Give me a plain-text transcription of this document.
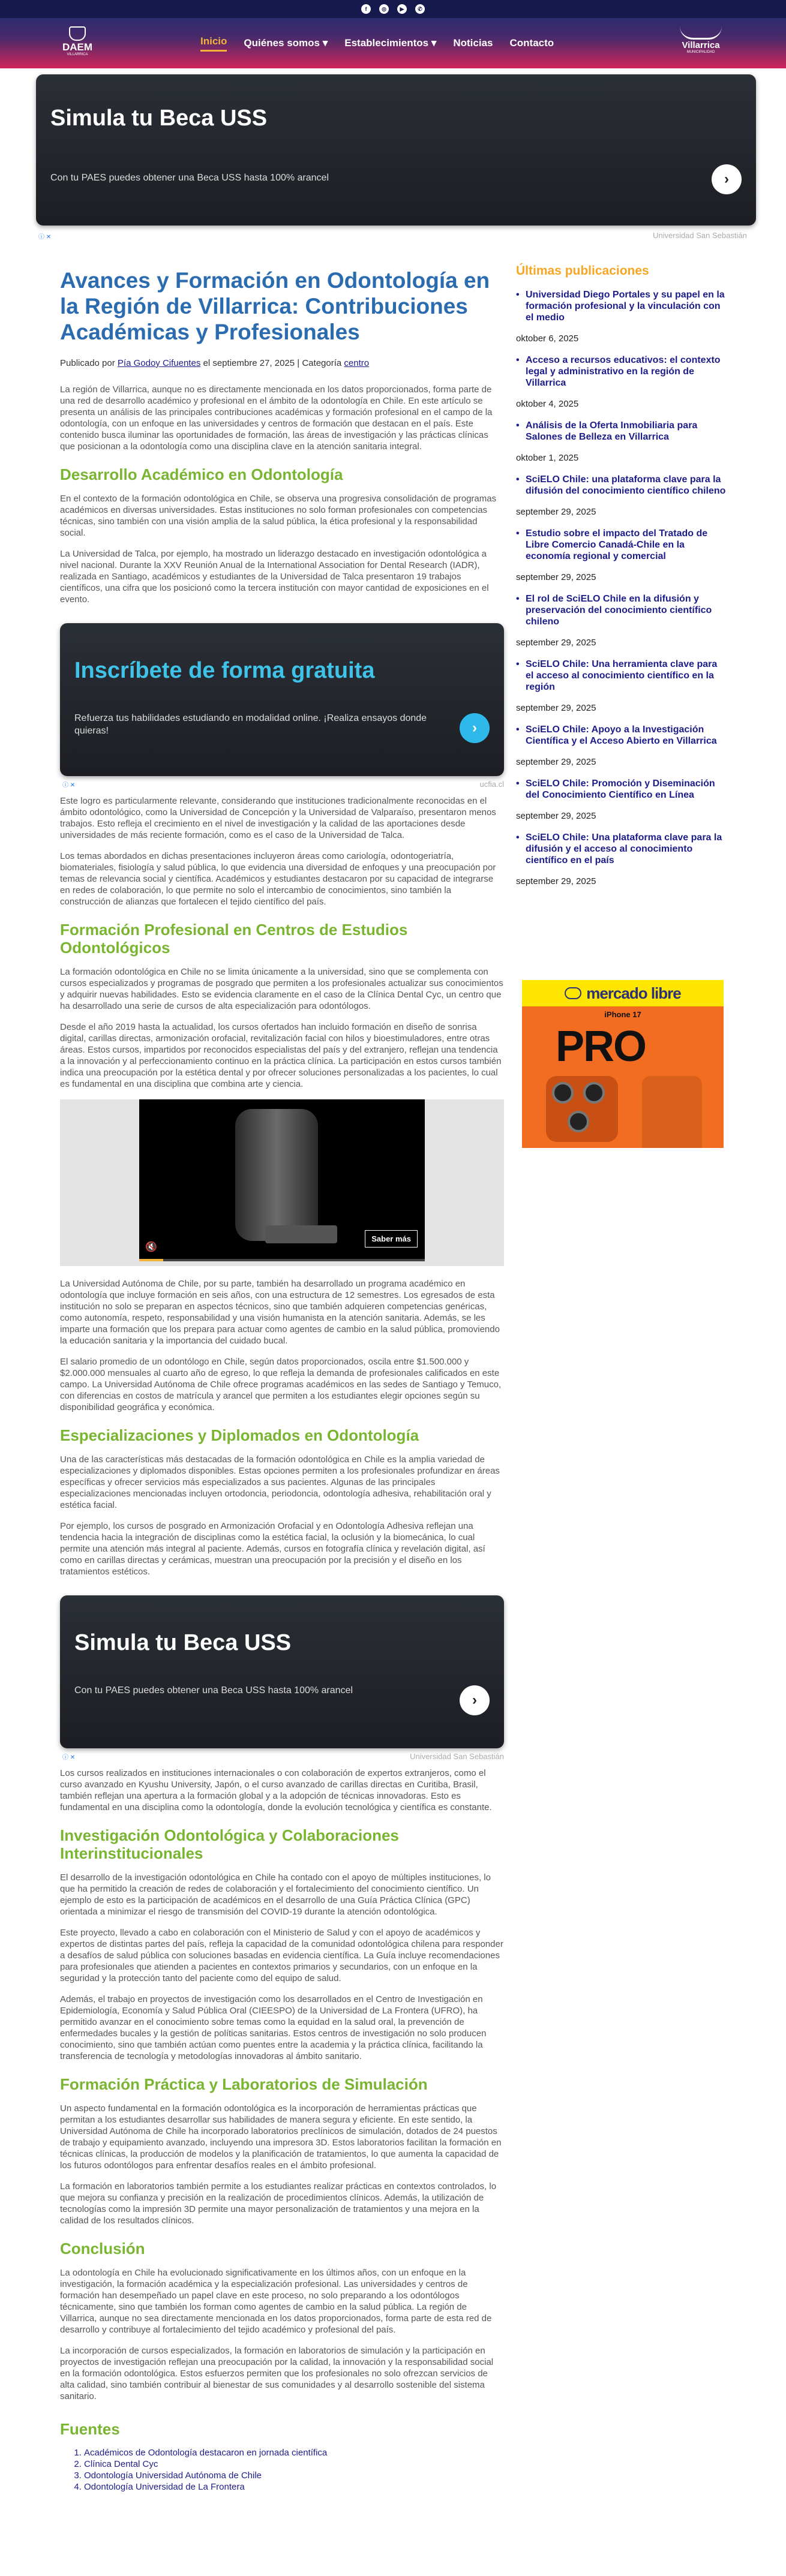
f	◎	▶	✆
DAEM
VILLARRICA
Inicio Quiénes somos ▾ Establecimientos ▾ Noticias Contacto	Villarrica
MUNICIPALIDAD
Simula tu Beca USS
Con tu PAES puedes obtener una Beca USS hasta 100% arancel	›
ⓘ ✕	Universidad San Sebastián
Avances y Formación en Odontología en la Región de Villarrica: Contribuciones Académicas y Profesionales
Publicado por Pía Godoy Cifuentes el septiembre 27, 2025 | Categoría centro

La región de Villarrica, aunque no es directamente mencionada en los datos proporcionados, forma parte de una red de desarrollo académico y profesional en el ámbito de la odontología en Chile. En este artículo se presenta un análisis de las principales contribuciones académicas y formación profesional en el campo de la odontología, con un enfoque en las universidades y centros de formación que destacan en el país. Este contenido busca iluminar las oportunidades de formación, las áreas de investigación y las prácticas clínicas que posicionan a la odontología como una disciplina clave en la atención sanitaria integral.

Desarrollo Académico en Odontología

En el contexto de la formación odontológica en Chile, se observa una progresiva consolidación de programas académicos en diversas universidades. Estas instituciones no solo forman profesionales con competencias técnicas, sino también con una visión amplia de la salud pública, la ética profesional y la responsabilidad social.

La Universidad de Talca, por ejemplo, ha mostrado un liderazgo destacado en investigación odontológica a nivel nacional. Durante la XXV Reunión Anual de la International Association for Dental Research (IADR), realizada en Santiago, académicos y estudiantes de la Universidad de Talca presentaron 19 trabajos científicos, una cifra que los posicionó como la tercera institución con mayor cantidad de exposiciones en el evento.

Inscríbete de forma gratuita
Refuerza tus habilidades estudiando en modalidad online. ¡Realiza ensayos donde quieras!	›
ⓘ ✕	ucfia.cl

Este logro es particularmente relevante, considerando que instituciones tradicionalmente reconocidas en el ámbito odontológico, como la Universidad de Concepción y la Universidad de Valparaíso, presentaron menos trabajos. Esto refleja el crecimiento en el nivel de investigación y la calidad de las aportaciones desde universidades de más reciente formación, como es el caso de la Universidad de Talca.

Los temas abordados en dichas presentaciones incluyeron áreas como cariología, odontogeriatría, biomateriales, fisiología y salud pública, lo que evidencia una diversidad de enfoques y una preocupación por temas de relevancia social y científica. Académicos y estudiantes destacaron por su capacidad de integrarse en redes de colaboración, lo que permite no solo el intercambio de conocimientos, sino también la construcción de alianzas que fortalecen el tejido científico del país.

Formación Profesional en Centros de Estudios Odontológicos

La formación odontológica en Chile no se limita únicamente a la universidad, sino que se complementa con cursos especializados y programas de posgrado que permiten a los profesionales actualizar sus conocimientos y adquirir nuevas habilidades. Esto se evidencia claramente en el caso de la Clínica Dental Cyc, un centro que ha desarrollado una serie de cursos de alta especialización para odontólogos.

Desde el año 2019 hasta la actualidad, los cursos ofertados han incluido formación en diseño de sonrisa digital, carillas directas, armonización orofacial, revitalización facial con hilos y bioestimuladores, entre otras áreas. Estos cursos, impartidos por reconocidos especialistas del país y del extranjero, reflejan una tendencia a la innovación y al perfeccionamiento continuo en la práctica clínica. La participación en estos cursos también indica una preocupación por la estética dental y por ofrecer soluciones personalizadas a los pacientes, lo cual es fundamental en una disciplina que combina arte y ciencia.

Saber más
🔇

La Universidad Autónoma de Chile, por su parte, también ha desarrollado un programa académico en odontología que incluye formación en seis años, con una estructura de 12 semestres. Los egresados de esta institución no solo se preparan en aspectos técnicos, sino que también adquieren competencias genéricas, como autonomía, respeto, responsabilidad y una visión humanista en la atención sanitaria. Además, se les imparte una formación que los prepara para actuar como agentes de cambio en la salud pública, promoviendo la educación sanitaria y la importancia del cuidado bucal.

El salario promedio de un odontólogo en Chile, según datos proporcionados, oscila entre $1.500.000 y $2.000.000 mensuales al cuarto año de egreso, lo que refleja la demanda de profesionales calificados en este campo. La Universidad Autónoma de Chile ofrece programas académicos en las sedes de Santiago y Temuco, con diferencias en costos de matrícula y arancel que permiten a los estudiantes elegir opciones según su disponibilidad geográfica y económica.

Especializaciones y Diplomados en Odontología

Una de las características más destacadas de la formación odontológica en Chile es la amplia variedad de especializaciones y diplomados disponibles. Estas opciones permiten a los profesionales profundizar en áreas específicas y ofrecer servicios más especializados a sus pacientes. Algunas de las principales especializaciones mencionadas incluyen ortodoncia, periodoncia, odontología adhesiva, rehabilitación oral y estética facial.

Por ejemplo, los cursos de posgrado en Armonización Orofacial y en Odontología Adhesiva reflejan una tendencia hacia la integración de disciplinas como la estética facial, la oclusión y la biomecánica, lo cual permite una atención más integral al paciente. Además, cursos en fotografía clínica y revelación digital, así como en carillas directas y cerámicas, muestran una preocupación por la precisión y el diseño en los tratamientos estéticos.

Simula tu Beca USS
Con tu PAES puedes obtener una Beca USS hasta 100% arancel
›
ⓘ ✕	Universidad San Sebastián

Los cursos realizados en instituciones internacionales o con colaboración de expertos extranjeros, como el curso avanzado en Kyushu University, Japón, o el curso avanzado de carillas directas en Curitiba, Brasil, también reflejan una apertura a la formación global y a la adopción de técnicas innovadoras. Esto es fundamental en una disciplina como la odontología, donde la evolución tecnológica y científica es constante.

Investigación Odontológica y Colaboraciones Interinstitucionales

El desarrollo de la investigación odontológica en Chile ha contado con el apoyo de múltiples instituciones, lo que ha permitido la creación de redes de colaboración y el fortalecimiento del conocimiento científico. Un ejemplo de esto es la participación de académicos en el desarrollo de una Guía Práctica Clínica (GPC) orientada a minimizar el riesgo de transmisión del COVID-19 durante la atención odontológica.

Este proyecto, llevado a cabo en colaboración con el Ministerio de Salud y con el apoyo de académicos y expertos de distintas partes del país, refleja la capacidad de la comunidad odontológica chilena para responder a desafíos de salud pública con soluciones basadas en evidencia científica. La Guía incluye recomendaciones para profesionales que atienden a pacientes en contextos primarios y secundarios, con un enfoque en la seguridad y la protección tanto del paciente como del equipo de salud.

Además, el trabajo en proyectos de investigación como los desarrollados en el Centro de Investigación en Epidemiología, Economía y Salud Pública Oral (CIEESPO) de la Universidad de La Frontera (UFRO), ha permitido avanzar en el conocimiento sobre temas como la equidad en la salud oral, la prevención de enfermedades bucales y la gestión de políticas sanitarias. Estos centros de investigación no solo producen conocimiento, sino que también actúan como puentes entre la academia y la práctica clínica, facilitando la transferencia de tecnología y metodologías innovadoras al ámbito sanitario.

Formación Práctica y Laboratorios de Simulación

Un aspecto fundamental en la formación odontológica es la incorporación de herramientas prácticas que permitan a los estudiantes desarrollar sus habilidades de manera segura y eficiente. En este sentido, la Universidad Autónoma de Chile ha incorporado laboratorios preclínicos de simulación, dotados de 24 puestos de trabajo y equipamiento avanzado, incluyendo una impresora 3D. Estos laboratorios facilitan la formación en técnicas clínicas, la producción de modelos y la planificación de tratamientos, lo que aumenta la capacidad de los futuros odontólogos para enfrentar desafíos reales en el ámbito profesional.

La formación en laboratorios también permite a los estudiantes realizar prácticas en contextos controlados, lo que mejora su confianza y precisión en la realización de procedimientos clínicos. Además, la utilización de tecnologías como la impresión 3D permite una mayor personalización de tratamientos y una mejora en la calidad de los resultados clínicos.

Conclusión

La odontología en Chile ha evolucionado significativamente en los últimos años, con un enfoque en la investigación, la formación académica y la especialización profesional. Las universidades y centros de formación han desempeñado un papel clave en este proceso, no solo preparando a los odontólogos técnicamente, sino que también los forman como agentes de cambio en la salud pública. La región de Villarrica, aunque no sea directamente mencionada en los datos proporcionados, forma parte de esta red de desarrollo y contribuye al fortalecimiento del tejido académico y profesional del país.

La incorporación de cursos especializados, la formación en laboratorios de simulación y la participación en proyectos de investigación reflejan una preocupación por la calidad, la innovación y la responsabilidad social en la formación odontológica. Estos esfuerzos permiten que los profesionales no solo ofrezcan servicios de alta calidad, sino también contribuir al bienestar de sus comunidades y al desarrollo sostenible del sistema sanitario.

Fuentes
1. Académicos de Odontología destacaron en jornada científica
2. Clínica Dental Cyc
3. Odontología Universidad Autónoma de Chile
4. Odontología Universidad de La Frontera
Últimas publicaciones
• Universidad Diego Portales y su papel en la formación profesional y la vinculación con el medio
oktober 6, 2025
• Acceso a recursos educativos: el contexto legal y administrativo en la región de Villarrica
oktober 4, 2025
• Análisis de la Oferta Inmobiliaria para Salones de Belleza en Villarrica
oktober 1, 2025
• SciELO Chile: una plataforma clave para la difusión del conocimiento científico chileno
september 29, 2025
• Estudio sobre el impacto del Tratado de Libre Comercio Canadá-Chile en la economía regional y comercial
september 29, 2025
• El rol de SciELO Chile en la difusión y preservación del conocimiento científico chileno
september 29, 2025
• SciELO Chile: Una herramienta clave para el acceso al conocimiento científico en la región
september 29, 2025
• SciELO Chile: Apoyo a la Investigación Científica y el Acceso Abierto en Villarrica
september 29, 2025
• SciELO Chile: Promoción y Diseminación del Conocimiento Científico en Línea
september 29, 2025
• SciELO Chile: Una plataforma clave para la difusión y el acceso al conocimiento científico en el país
september 29, 2025
mercado libre
iPhone 17
PRO
